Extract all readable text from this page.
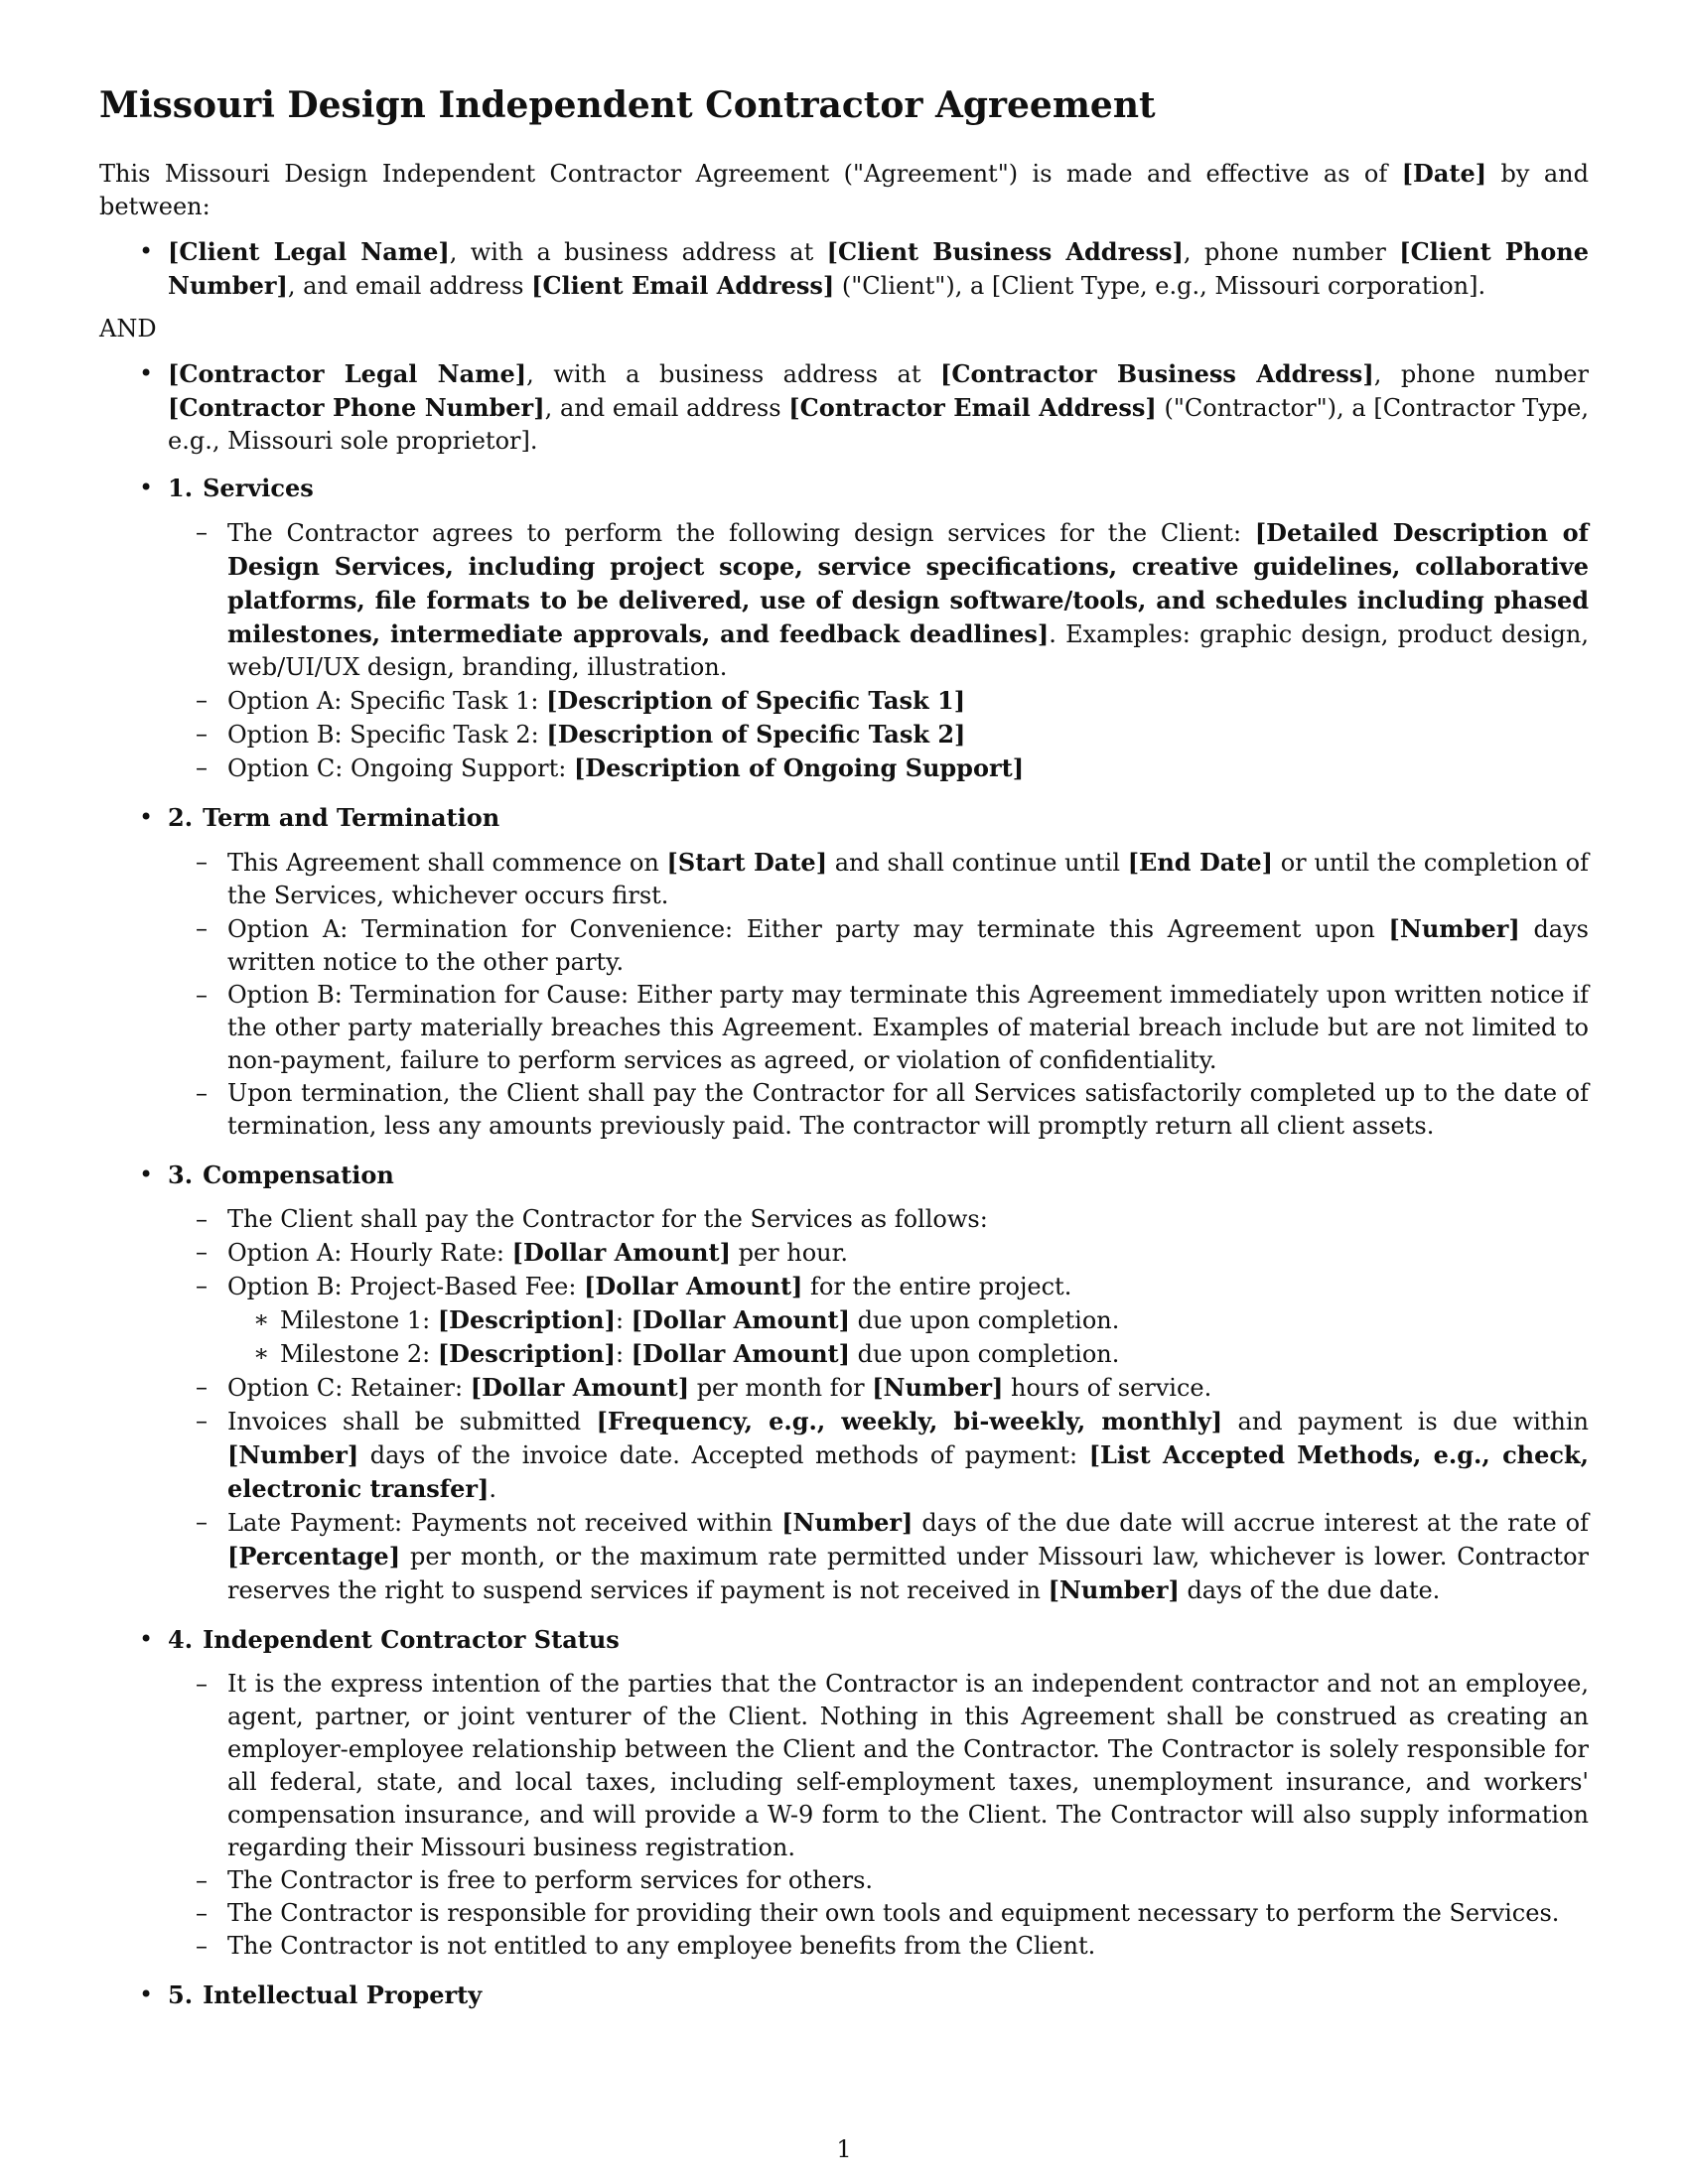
Missouri Design Independent Contractor Agreement

This Missouri Design Independent Contractor Agreement ("Agreement") is made and effective as of [Date] by and between:

• [Client Legal Name], with a business address at [Client Business Address], phone number [Client Phone Number], and email address [Client Email Address] ("Client"), a [Client Type, e.g., Missouri corporation].

AND

• [Contractor Legal Name], with a business address at [Contractor Business Address], phone number [Contractor Phone Number], and email address [Contractor Email Address] ("Contractor"), a [Contractor Type, e.g., Missouri sole proprietor].
• 1. Services
– The Contractor agrees to perform the following design services for the Client: [Detailed Description of Design Services, including project scope, service specifications, creative guidelines, collaborative platforms, file formats to be delivered, use of design software/tools, and schedules including phased milestones, intermediate approvals, and feedback deadlines]. Examples: graphic design, product design, web/UI/UX design, branding, illustration.
– Option A: Specific Task 1: [Description of Specific Task 1]
– Option B: Specific Task 2: [Description of Specific Task 2]
– Option C: Ongoing Support: [Description of Ongoing Support]
• 2. Term and Termination
– This Agreement shall commence on [Start Date] and shall continue until [End Date] or until the completion of the Services, whichever occurs first.
– Option A: Termination for Convenience: Either party may terminate this Agreement upon [Number] days written notice to the other party.
– Option B: Termination for Cause: Either party may terminate this Agreement immediately upon written notice if the other party materially breaches this Agreement. Examples of material breach include but are not limited to non-payment, failure to perform services as agreed, or violation of confidentiality.
– Upon termination, the Client shall pay the Contractor for all Services satisfactorily completed up to the date of termination, less any amounts previously paid. The contractor will promptly return all client assets.
• 3. Compensation
– The Client shall pay the Contractor for the Services as follows:
– Option A: Hourly Rate: [Dollar Amount] per hour.
– Option B: Project-Based Fee: [Dollar Amount] for the entire project.
∗ Milestone 1: [Description]: [Dollar Amount] due upon completion.
∗ Milestone 2: [Description]: [Dollar Amount] due upon completion.
– Option C: Retainer: [Dollar Amount] per month for [Number] hours of service.
– Invoices shall be submitted [Frequency, e.g., weekly, bi-weekly, monthly] and payment is due within [Number] days of the invoice date. Accepted methods of payment: [List Accepted Methods, e.g., check, electronic transfer].
– Late Payment: Payments not received within [Number] days of the due date will accrue interest at the rate of [Percentage] per month, or the maximum rate permitted under Missouri law, whichever is lower. Contractor reserves the right to suspend services if payment is not received in [Number] days of the due date.
• 4. Independent Contractor Status
– It is the express intention of the parties that the Contractor is an independent contractor and not an employee, agent, partner, or joint venturer of the Client. Nothing in this Agreement shall be construed as creating an employer-employee relationship between the Client and the Contractor. The Contractor is solely responsible for all federal, state, and local taxes, including self-employment taxes, unemployment insurance, and workers' compensation insurance, and will provide a W-9 form to the Client. The Contractor will also supply information regarding their Missouri business registration.
– The Contractor is free to perform services for others.
– The Contractor is responsible for providing their own tools and equipment necessary to perform the Services.
– The Contractor is not entitled to any employee benefits from the Client.
• 5. Intellectual Property
1
